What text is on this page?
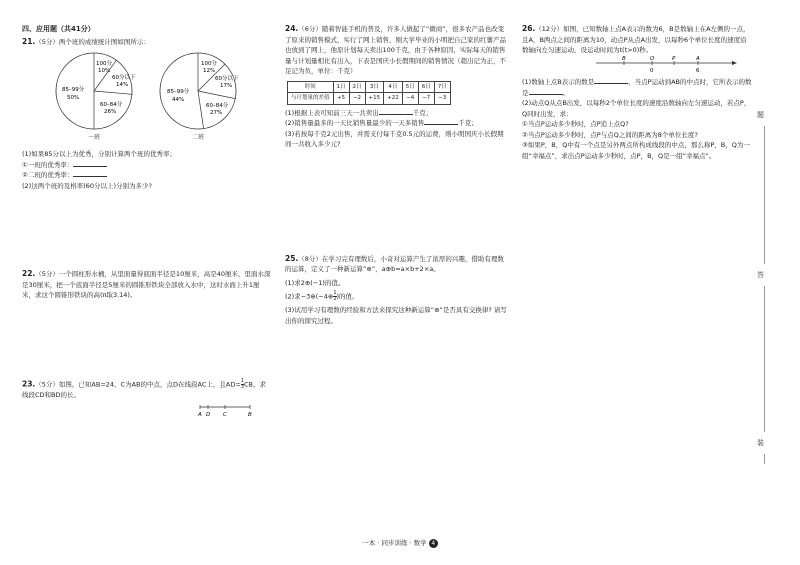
四、应用题（共41分）

21.（5分）两个班的成绩统计图如图所示：

100分
10%
60分以下
14%
60–84分
26%
85–99分
50%
100分
12%
60分以下
17%
60–84分
27%
85–99分
44%
一班	二班

(1)如果85分以上为优秀，分别计算两个班的优秀率；

①一班的优秀率：

②二班的优秀率：

(2)这两个班的及格率(60分以上)分别为多少?

22.（5分）一个圆柱形水桶，从里面量得底面半径是10厘米，高是40厘米，里面水深是30厘米，把一个底面半径是5厘米的圆锥形铁块全部放入水中，这时水面上升1厘米，求这个圆锥形铁块的高(π取3.14)。

23.（5分）如图，已知AB=24，C为AB的中点，点D在线段AC上，且$AD= \frac{1}{3}$ CB，求线段CD和BD的长。

A D C	B

24.（6分）随着智能手机的普及，许多人做起了“微商”，很多农产品也改变了原来的销售模式，实行了网上销售，刚大学毕业的小明把自己家的红薯产品也放到了网上，他原计划每天卖出100千克，由于各种原因，实际每天的销售量与计划量相比有出入，下表是国庆小长假期间的销售情况（超出记为正，不足记为负，单位：千克）

时间	1日	2日	3日	4日	5日	6日	7日
与计划量的差值	+5	−2	+15	+22	−4	−7	−3

(1)根据上表可知前三天一共卖出	千克；

(2)销售量最多的一天比销售量最少的一天多销售	千克；

(3)若按每千克2元出售，并需支付每千克0.5元的运费，则小明国庆小长假期间一共收入多少元?

25.（8分）在学习完有理数后，小奇对运算产生了浓厚的兴趣，借助有理数的运算，定义了一种新运算“⊕”，a⊕b=a×b+2×a。

(1)求2⊕(−1)的值。

(2)求−3⊕(−4⊕ $\frac{1}{2}$ )的值。

(3)试用学习有理数的经验和方法来探究这种新运算“⊕”是否具有交换律? 请写出你的探究过程。

26.（12分）如图，已知数轴上点A表示的数为6，B是数轴上在A左侧的一点，且A，B两点之间的距离为10，动点P从点A出发，以每秒6个单位长度的速度沿数轴向左匀速运动，设运动时间为t(t>0)秒。

B	O	P	A
0	6

(1)数轴上点B表示的数是	，当点P运动到AB的中点时，它所表示的数是	。

(2)动点Q从点B出发，以每秒2个单位长度的速度沿数轴向左匀速运动，若点P，Q同时出发，求：

①当点P运动多少秒时，点P追上点Q?

②当点P运动多少秒时，点P与点Q之间的距离为8个单位长度?

③如果P，B，Q中有一个点是另外两点所构成线段的中点，那么称P，B，Q为一组“幸福点”，求出点P运动多少秒时，点P，B，Q是一组“幸福点”。

题
答
装
一本 · 同步训练 · 数学 4
